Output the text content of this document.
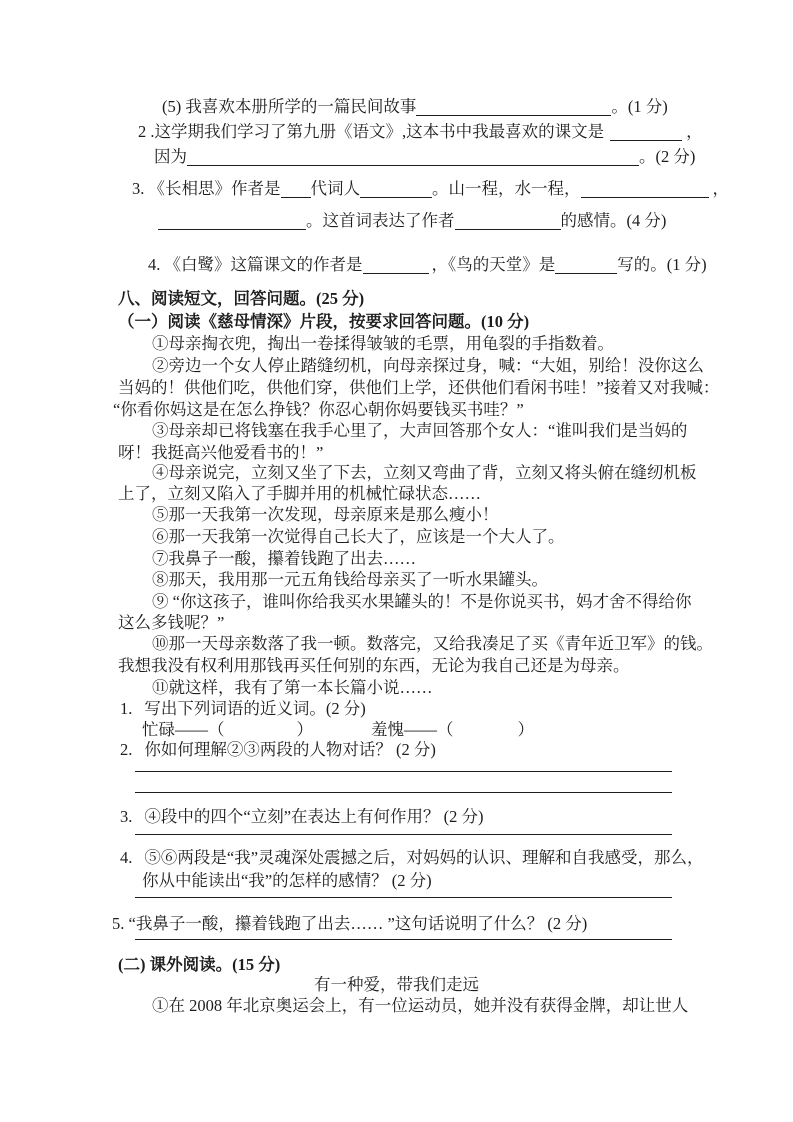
(5) 我喜欢本册所学的一篇民间故事	。(1 分)
2 .这学期我们学习了第九册《语文》,这本书中我最喜欢的课文是	，
因为	。(2 分)
3. 《长相思》作者是 代词人	。山一程，水一程，	，
。这首词表达了作者	的感情。(4 分)
4. 《白鹭》这篇课文的作者是	，《鸟的天堂》是	写的。(1 分)
八、阅读短文，回答问题。(25 分)
（一）阅读《慈母情深》片段，按要求回答问题。(10 分)
①母亲掏衣兜，掏出一卷揉得皱皱的毛票，用龟裂的手指数着。
②旁边一个女人停止踏缝纫机，向母亲探过身，喊：“大姐，别给！没你这么
当妈的！供他们吃，供他们穿，供他们上学，还供他们看闲书哇！”接着又对我喊：
“你看你妈这是在怎么挣钱？你忍心朝你妈要钱买书哇？”
③母亲却已将钱塞在我手心里了，大声回答那个女人：“谁叫我们是当妈的
呀！我挺高兴他爱看书的！”
④母亲说完，立刻又坐了下去，立刻又弯曲了背，立刻又将头俯在缝纫机板
上了，立刻又陷入了手脚并用的机械忙碌状态……
⑤那一天我第一次发现，母亲原来是那么瘦小！
⑥那一天我第一次觉得自己长大了，应该是一个大人了。
⑦我鼻子一酸，攥着钱跑了出去……
⑧那天，我用那一元五角钱给母亲买了一听水果罐头。
⑨ “你这孩子，谁叫你给我买水果罐头的！不是你说买书，妈才舍不得给你
这么多钱呢？”
⑩那一天母亲数落了我一顿。数落完，又给我凑足了买《青年近卫军》的钱。
我想我没有权利用那钱再买任何别的东西，无论为我自己还是为母亲。
⑪就这样，我有了第一本长篇小说……
1. 写出下列词语的近义词。(2 分)
忙碌——（	）	羞愧——（	）
2. 你如何理解②③两段的人物对话？ (2 分)
3. ④段中的四个“立刻”在表达上有何作用？ (2 分)
4. ⑤⑥两段是“我”灵魂深处震撼之后，对妈妈的认识、理解和自我感受，那么，
你从中能读出“我”的怎样的感情？ (2 分)
5. “我鼻子一酸，攥着钱跑了出去…… ”这句话说明了什么？ (2 分)
(二) 课外阅读。(15 分)
有一种爱，带我们走远
①在 2008 年北京奥运会上，有一位运动员，她并没有获得金牌，却让世人
